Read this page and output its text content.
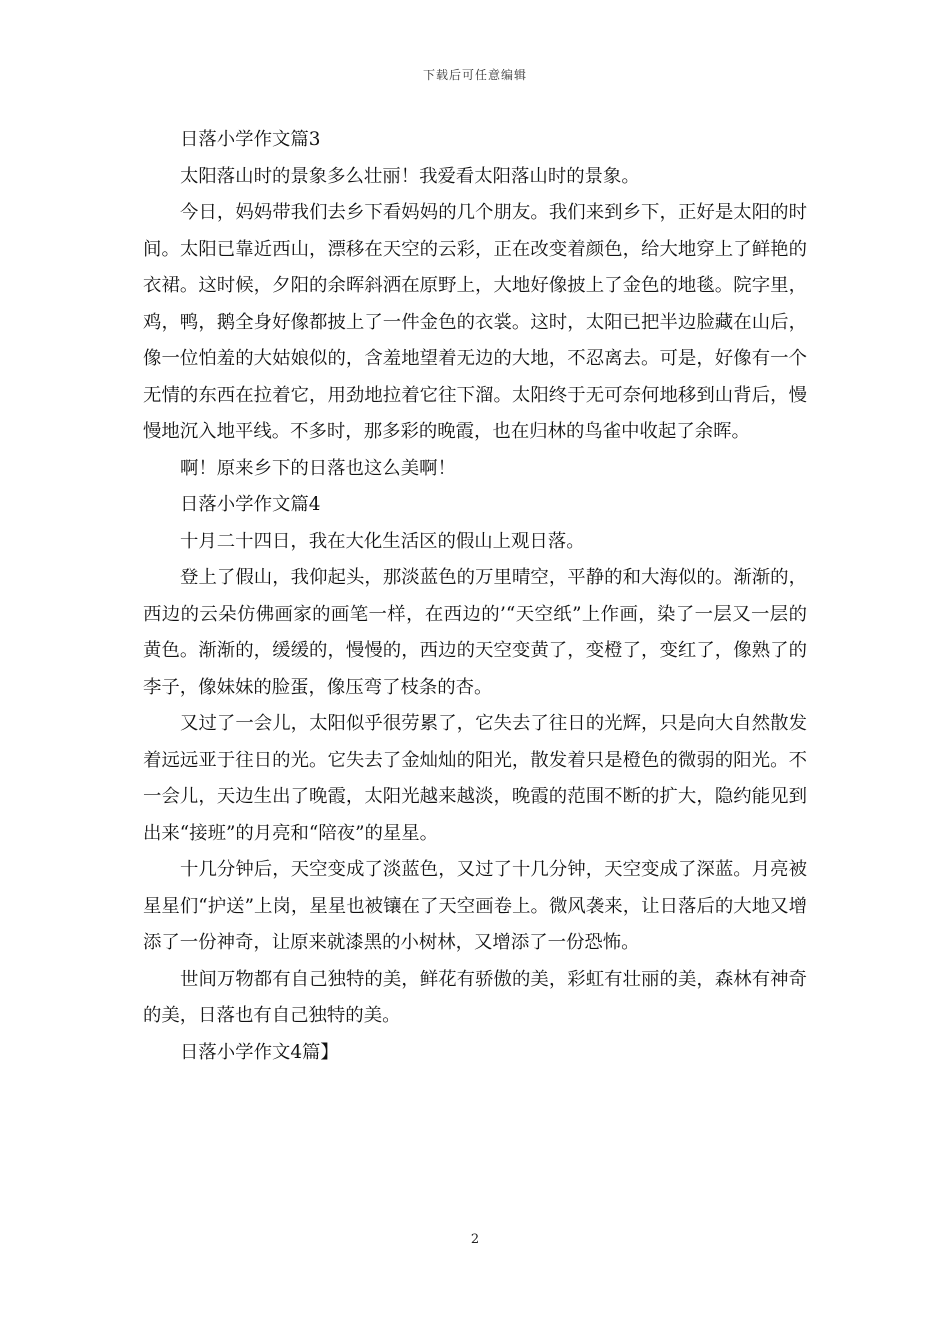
下载后可任意编辑

日落小学作文篇3

太阳落山时的景象多么壮丽！我爱看太阳落山时的景象。

今日，妈妈带我们去乡下看妈妈的几个朋友。我们来到乡下，正好是太阳的时间。太阳已靠近西山，漂移在天空的云彩，正在改变着颜色，给大地穿上了鲜艳的衣裙。这时候，夕阳的余晖斜洒在原野上，大地好像披上了金色的地毯。院字里，鸡，鸭，鹅全身好像都披上了一件金色的衣裳。这时，太阳已把半边脸藏在山后，像一位怕羞的大姑娘似的，含羞地望着无边的大地，不忍离去。可是，好像有一个无情的东西在拉着它，用劲地拉着它往下溜。太阳终于无可奈何地移到山背后，慢慢地沉入地平线。不多时，那多彩的晚霞，也在归林的鸟雀中收起了余晖。

啊！原来乡下的日落也这么美啊！

日落小学作文篇4

十月二十四日，我在大化生活区的假山上观日落。

登上了假山，我仰起头，那淡蓝色的万里晴空，平静的和大海似的。渐渐的，西边的云朵仿佛画家的画笔一样，在西边的’“天空纸”上作画，染了一层又一层的黄色。渐渐的，缓缓的，慢慢的，西边的天空变黄了，变橙了，变红了，像熟了的李子，像妹妹的脸蛋，像压弯了枝条的杏。

又过了一会儿，太阳似乎很劳累了，它失去了往日的光辉，只是向大自然散发着远远亚于往日的光。它失去了金灿灿的阳光，散发着只是橙色的微弱的阳光。不一会儿，天边生出了晚霞，太阳光越来越淡，晚霞的范围不断的扩大，隐约能见到出来“接班”的月亮和“陪夜”的星星。

十几分钟后，天空变成了淡蓝色，又过了十几分钟，天空变成了深蓝。月亮被星星们“护送”上岗，星星也被镶在了天空画卷上。微风袭来，让日落后的大地又增添了一份神奇，让原来就漆黑的小树林，又增添了一份恐怖。

世间万物都有自己独特的美，鲜花有骄傲的美，彩虹有壮丽的美，森林有神奇的美，日落也有自己独特的美。

日落小学作文4篇】

2
